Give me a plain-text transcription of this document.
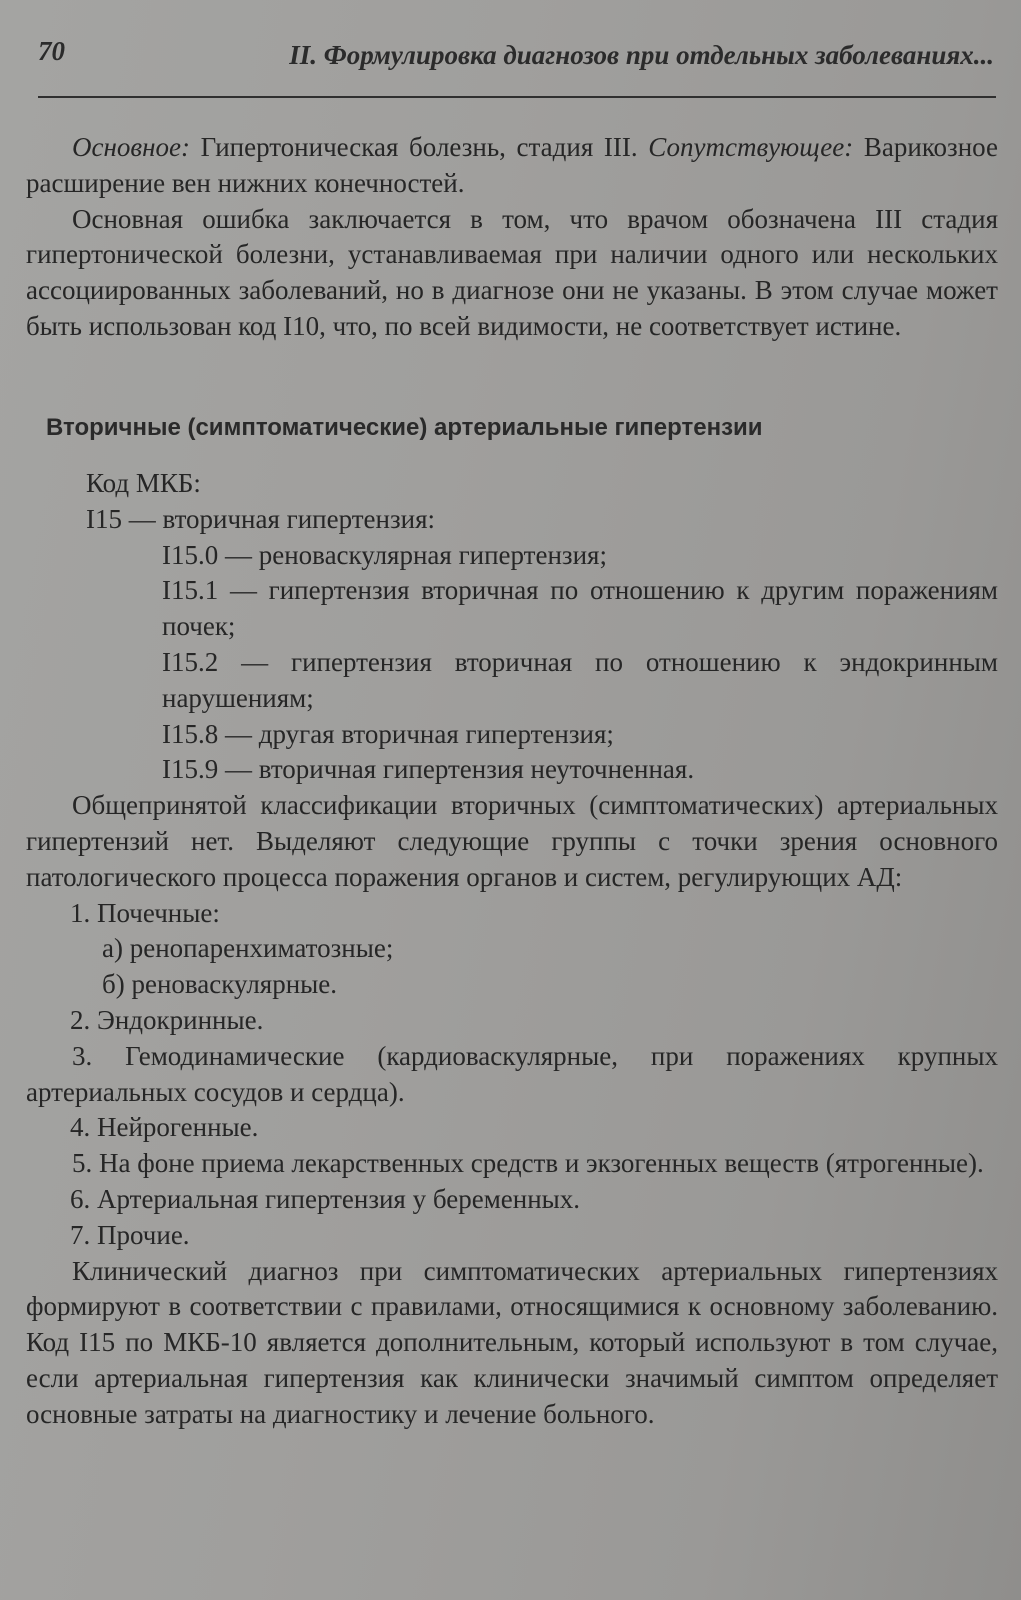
70	II. Формулировка диагнозов при отдельных заболеваниях...

Основное: Гипертоническая болезнь, стадия III. Сопутствующее: Варикозное расширение вен нижних конечностей.

Основная ошибка заключается в том, что врачом обозначена III стадия гипертонической болезни, устанавливаемая при наличии одного или нескольких ассоциированных заболеваний, но в диагнозе они не указаны. В этом случае может быть использован код I10, что, по всей видимости, не соответствует истине.

Вторичные (симптоматические) артериальные гипертензии

Код МКБ:

I15 — вторичная гипертензия:

I15.0 — реноваскулярная гипертензия;

I15.1 — гипертензия вторичная по отношению к другим поражениям почек;

I15.2 — гипертензия вторичная по отношению к эндокринным нарушениям;

I15.8 — другая вторичная гипертензия;

I15.9 — вторичная гипертензия неуточненная.

Общепринятой классификации вторичных (симптоматических) артериальных гипертензий нет. Выделяют следующие группы с точки зрения основного патологического процесса поражения органов и систем, регулирующих АД:

1. Почечные:

а) ренопаренхиматозные;

б) реноваскулярные.

2. Эндокринные.

3. Гемодинамические (кардиоваскулярные, при поражениях крупных артериальных сосудов и сердца).

4. Нейрогенные.

5. На фоне приема лекарственных средств и экзогенных веществ (ятрогенные).

6. Артериальная гипертензия у беременных.

7. Прочие.

Клинический диагноз при симптоматических артериальных гипертензиях формируют в соответствии с правилами, относящимися к основному заболеванию. Код I15 по МКБ-10 является дополнительным, который используют в том случае, если артериальная гипертензия как клинически значимый симптом определяет основные затраты на диагностику и лечение больного.
